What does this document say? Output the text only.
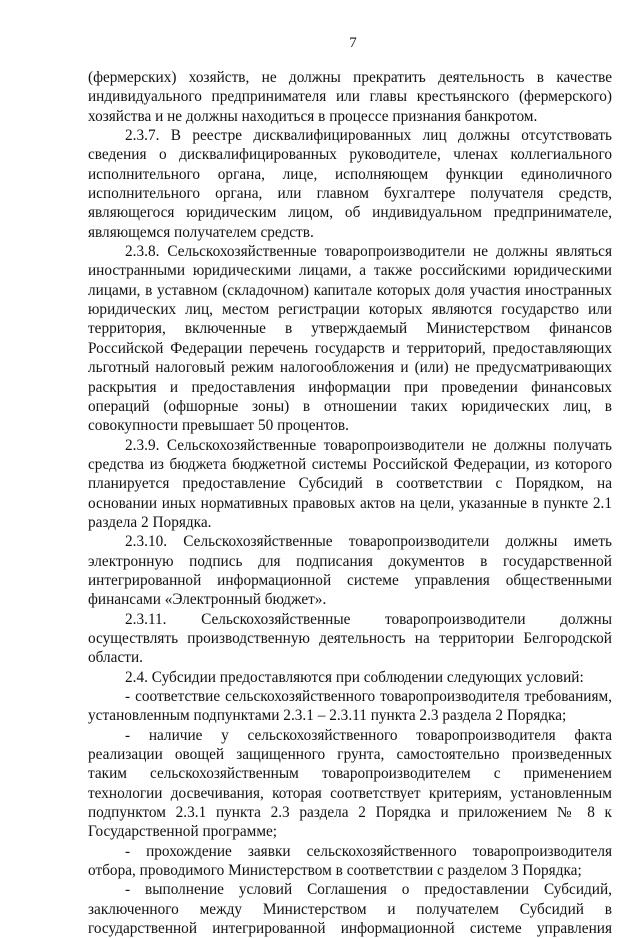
7

(фермерских) хозяйств, не должны прекратить деятельность в качестве индивидуального предпринимателя или главы крестьянского (фермерского) хозяйства и не должны находиться в процессе признания банкротом.

2.3.7. В реестре дисквалифицированных лиц должны отсутствовать сведения о дисквалифицированных руководителе, членах коллегиального исполнительного органа, лице, исполняющем функции единоличного исполнительного органа, или главном бухгалтере получателя средств, являющегося юридическим лицом, об индивидуальном предпринимателе, являющемся получателем средств.

2.3.8. Сельскохозяйственные товаропроизводители не должны являться иностранными юридическими лицами, а также российскими юридическими лицами, в уставном (складочном) капитале которых доля участия иностранных юридических лиц, местом регистрации которых являются государство или территория, включенные в утверждаемый Министерством финансов Российской Федерации перечень государств и территорий, предоставляющих льготный налоговый режим налогообложения и (или) не предусматривающих раскрытия и предоставления информации при проведении финансовых операций (офшорные зоны) в отношении таких юридических лиц, в совокупности превышает 50 процентов.

2.3.9. Сельскохозяйственные товаропроизводители не должны получать средства из бюджета бюджетной системы Российской Федерации, из которого планируется предоставление Субсидий в соответствии с Порядком, на основании иных нормативных правовых актов на цели, указанные в пункте 2.1 раздела 2 Порядка.

2.3.10. Сельскохозяйственные товаропроизводители должны иметь электронную подпись для подписания документов в государственной интегрированной информационной системе управления общественными финансами «Электронный бюджет».

2.3.11. Сельскохозяйственные товаропроизводители должны осуществлять производственную деятельность на территории Белгородской области.

2.4. Субсидии предоставляются при соблюдении следующих условий:

- соответствие сельскохозяйственного товаропроизводителя требованиям, установленным подпунктами 2.3.1 – 2.3.11 пункта 2.3 раздела 2 Порядка;

- наличие у сельскохозяйственного товаропроизводителя факта реализации овощей защищенного грунта, самостоятельно произведенных таким сельскохозяйственным товаропроизводителем с применением технологии досвечивания, которая соответствует критериям, установленным подпунктом 2.3.1 пункта 2.3 раздела 2 Порядка и приложением № 8 к Государственной программе;

- прохождение заявки сельскохозяйственного товаропроизводителя отбора, проводимого Министерством в соответствии с разделом 3 Порядка;

- выполнение условий Соглашения о предоставлении Субсидий, заключенного между Министерством и получателем Субсидий в государственной интегрированной информационной системе управления
